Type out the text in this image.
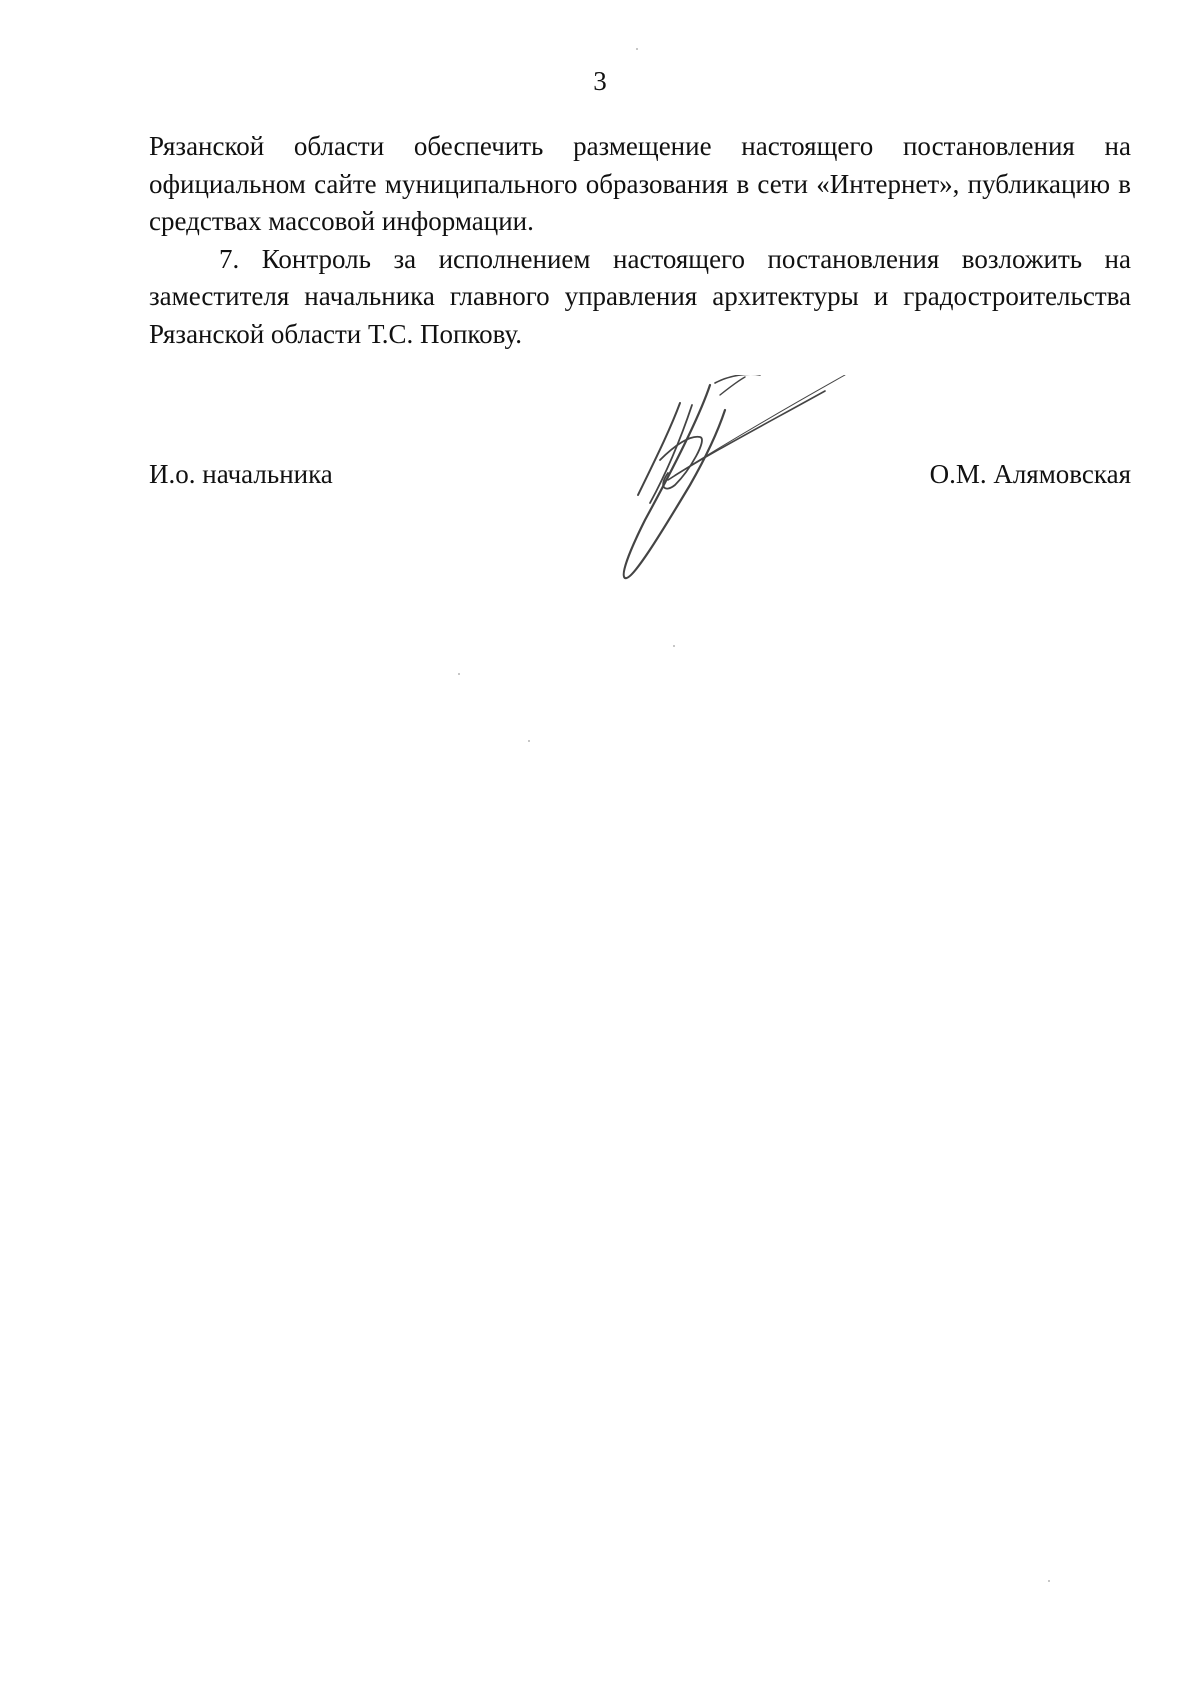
3

Рязанской области обеспечить размещение настоящего постановления на официальном сайте муниципального образования в сети «Интернет», публикацию в средствах массовой информации.

7. Контроль за исполнением настоящего постановления возложить на заместителя начальника главного управления архитектуры и градостроительства Рязанской области Т.С. Попкову.

И.о. начальника	О.М. Алямовская
